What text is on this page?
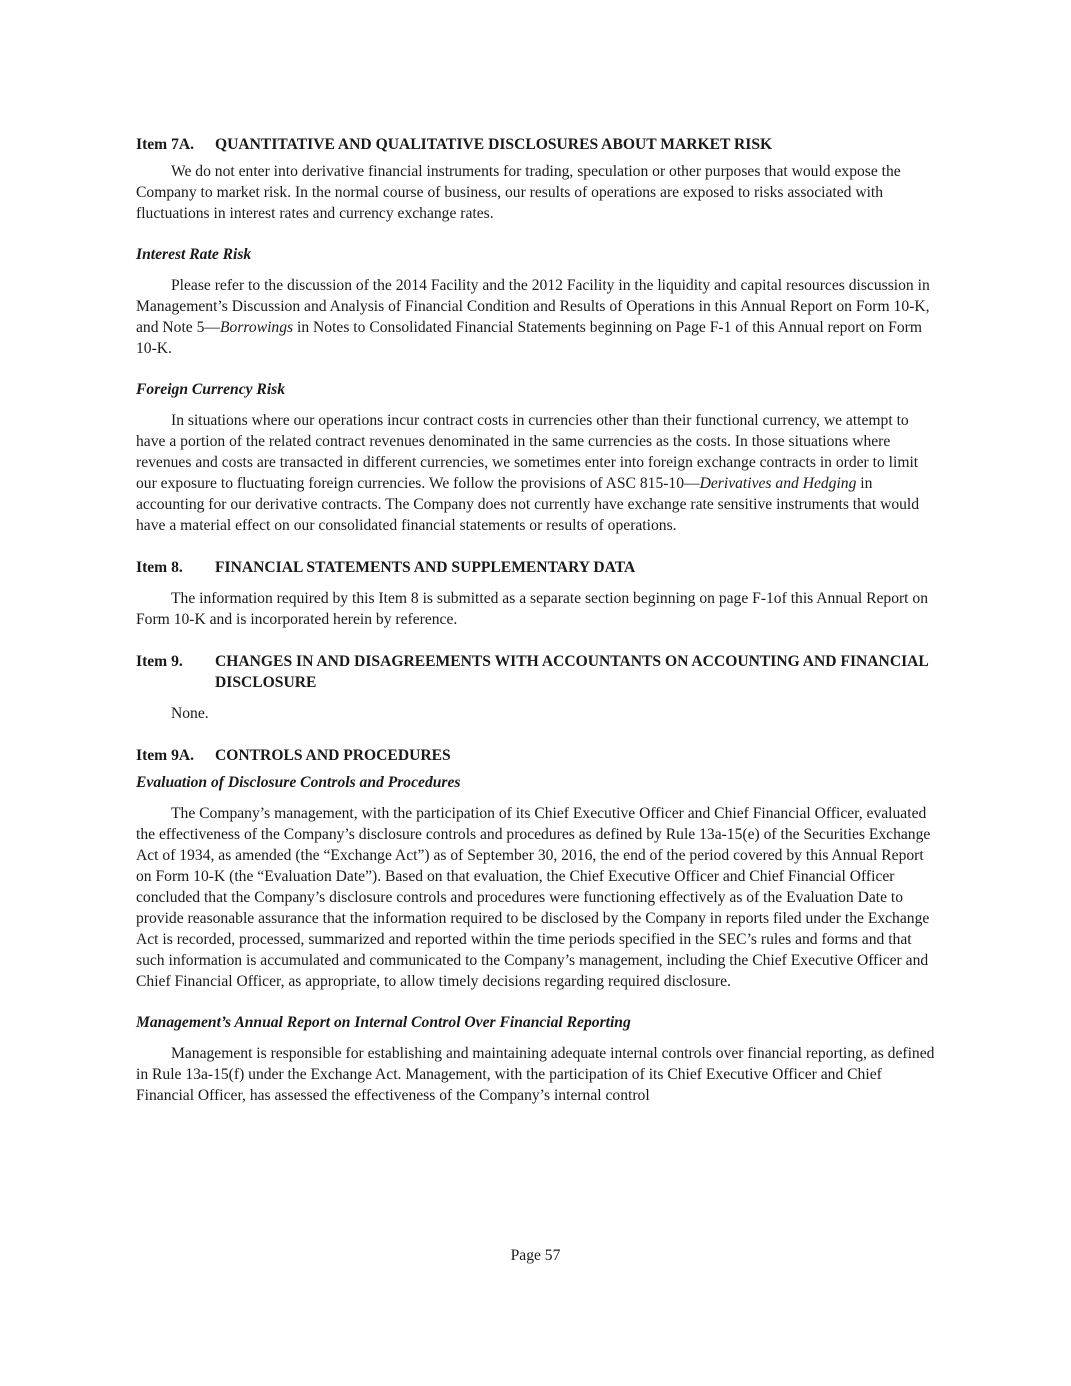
Item 7A.	QUANTITATIVE AND QUALITATIVE DISCLOSURES ABOUT MARKET RISK

We do not enter into derivative financial instruments for trading, speculation or other purposes that would expose the Company to market risk. In the normal course of business, our results of operations are exposed to risks associated with fluctuations in interest rates and currency exchange rates.

Interest Rate Risk

Please refer to the discussion of the 2014 Facility and the 2012 Facility in the liquidity and capital resources discussion in Management’s Discussion and Analysis of Financial Condition and Results of Operations in this Annual Report on Form 10-K, and Note 5—Borrowings in Notes to Consolidated Financial Statements beginning on Page F-1 of this Annual report on Form 10-K.

Foreign Currency Risk

In situations where our operations incur contract costs in currencies other than their functional currency, we attempt to have a portion of the related contract revenues denominated in the same currencies as the costs. In those situations where revenues and costs are transacted in different currencies, we sometimes enter into foreign exchange contracts in order to limit our exposure to fluctuating foreign currencies. We follow the provisions of ASC 815-10—Derivatives and Hedging in accounting for our derivative contracts. The Company does not currently have exchange rate sensitive instruments that would have a material effect on our consolidated financial statements or results of operations.

Item 8.	FINANCIAL STATEMENTS AND SUPPLEMENTARY DATA

The information required by this Item 8 is submitted as a separate section beginning on page F-1of this Annual Report on Form 10-K and is incorporated herein by reference.

Item 9.	CHANGES IN AND DISAGREEMENTS WITH ACCOUNTANTS ON ACCOUNTING AND FINANCIAL DISCLOSURE

None.

Item 9A.	CONTROLS AND PROCEDURES
Evaluation of Disclosure Controls and Procedures

The Company’s management, with the participation of its Chief Executive Officer and Chief Financial Officer, evaluated the effectiveness of the Company’s disclosure controls and procedures as defined by Rule 13a-15(e) of the Securities Exchange Act of 1934, as amended (the “Exchange Act”) as of September 30, 2016, the end of the period covered by this Annual Report on Form 10-K (the “Evaluation Date”). Based on that evaluation, the Chief Executive Officer and Chief Financial Officer concluded that the Company’s disclosure controls and procedures were functioning effectively as of the Evaluation Date to provide reasonable assurance that the information required to be disclosed by the Company in reports filed under the Exchange Act is recorded, processed, summarized and reported within the time periods specified in the SEC’s rules and forms and that such information is accumulated and communicated to the Company’s management, including the Chief Executive Officer and Chief Financial Officer, as appropriate, to allow timely decisions regarding required disclosure.

Management’s Annual Report on Internal Control Over Financial Reporting

Management is responsible for establishing and maintaining adequate internal controls over financial reporting, as defined in Rule 13a-15(f) under the Exchange Act. Management, with the participation of its Chief Executive Officer and Chief Financial Officer, has assessed the effectiveness of the Company’s internal control

Page 57
